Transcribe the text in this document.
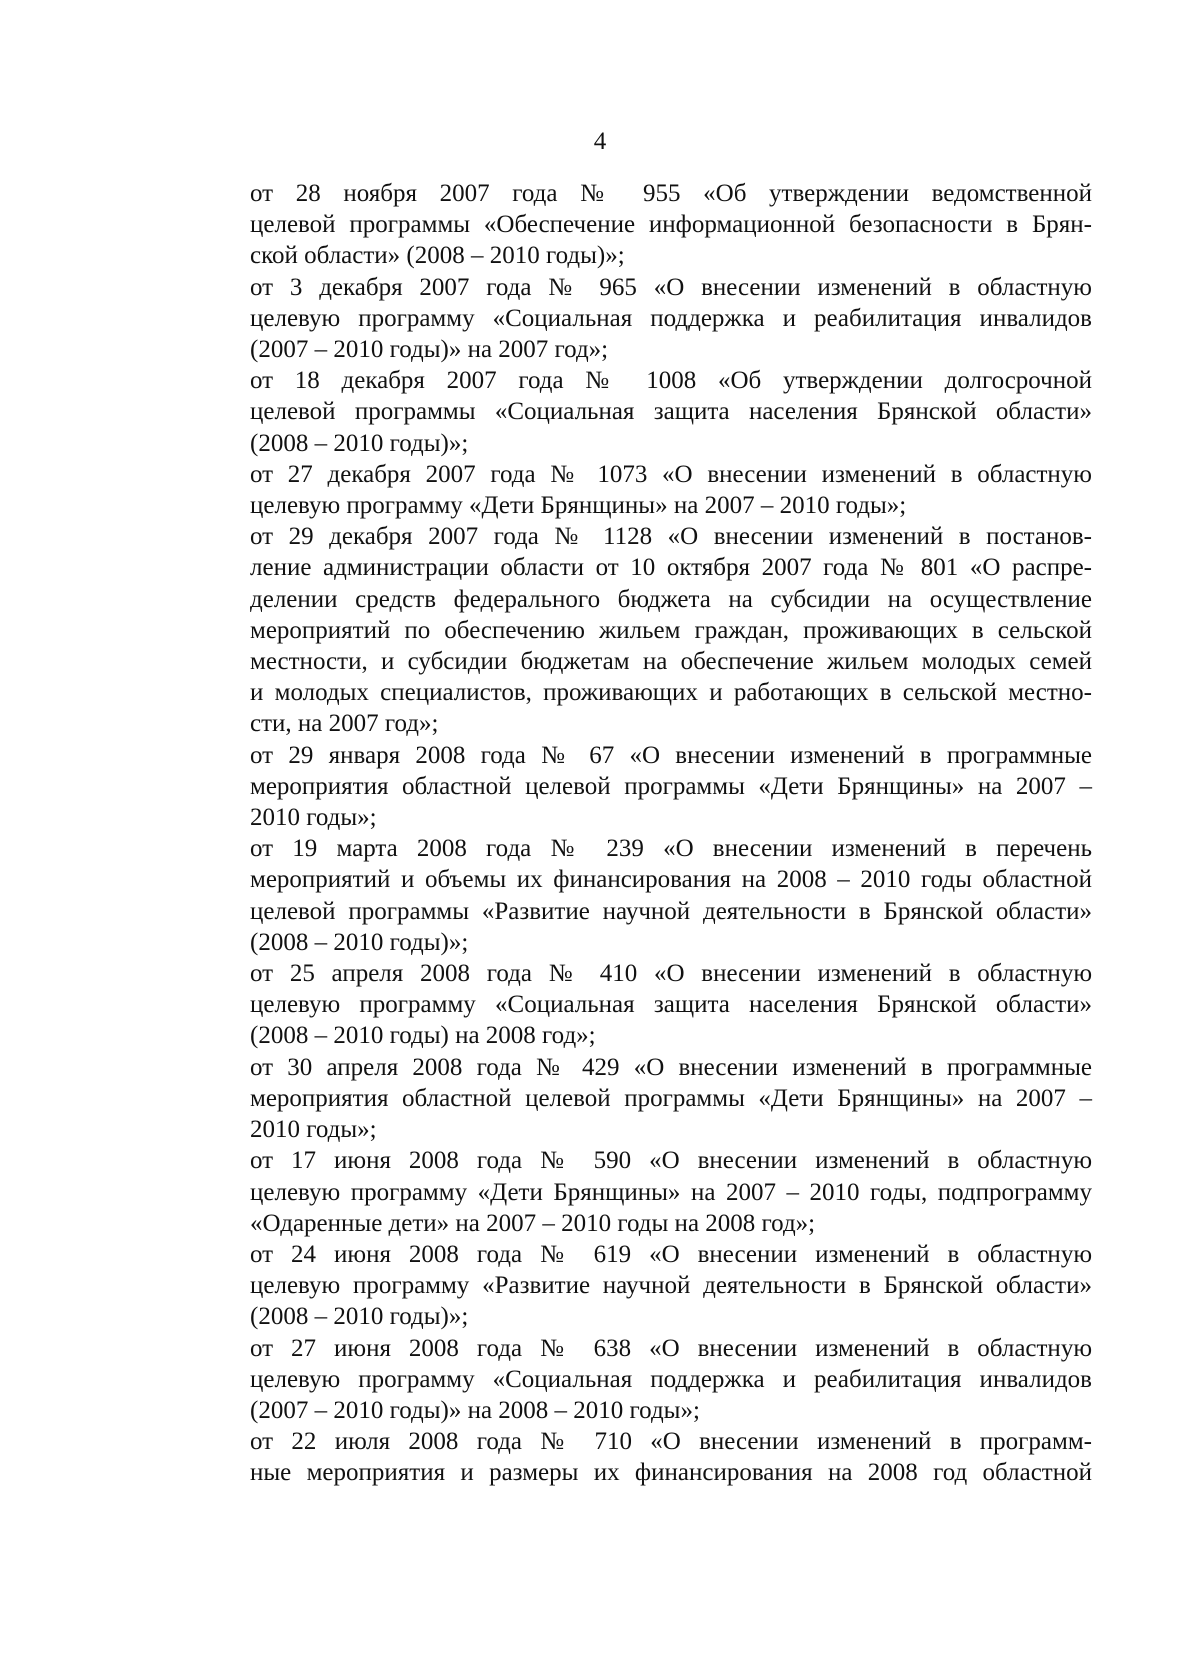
4

от 28 ноября 2007 года № 955 «Об утверждении ведомственной
целевой программы «Обеспечение информационной безопасности в Брян-
ской области» (2008 – 2010 годы)»;

от 3 декабря 2007 года № 965 «О внесении изменений в областную
целевую программу «Социальная поддержка и реабилитация инвалидов
(2007 – 2010 годы)» на 2007 год»;

от 18 декабря 2007 года № 1008 «Об утверждении долгосрочной
целевой программы «Социальная защита населения Брянской области»
(2008 – 2010 годы)»;

от 27 декабря 2007 года № 1073 «О внесении изменений в областную
целевую программу «Дети Брянщины» на 2007 – 2010 годы»;

от 29 декабря 2007 года № 1128 «О внесении изменений в постанов-
ление администрации области от 10 октября 2007 года № 801 «О распре-
делении средств федерального бюджета на субсидии на осуществление
мероприятий по обеспечению жильем граждан, проживающих в сельской
местности, и субсидии бюджетам на обеспечение жильем молодых семей
и молодых специалистов, проживающих и работающих в сельской местно-
сти, на 2007 год»;

от 29 января 2008 года № 67 «О внесении изменений в программные
мероприятия областной целевой программы «Дети Брянщины» на 2007 –
2010 годы»;

от 19 марта 2008 года № 239 «О внесении изменений в перечень
мероприятий и объемы их финансирования на 2008 – 2010 годы областной
целевой программы «Развитие научной деятельности в Брянской области»
(2008 – 2010 годы)»;

от 25 апреля 2008 года № 410 «О внесении изменений в областную
целевую программу «Социальная защита населения Брянской области»
(2008 – 2010 годы) на 2008 год»;

от 30 апреля 2008 года № 429 «О внесении изменений в программные
мероприятия областной целевой программы «Дети Брянщины» на 2007 –
2010 годы»;

от 17 июня 2008 года № 590 «О внесении изменений в областную
целевую программу «Дети Брянщины» на 2007 – 2010 годы, подпрограмму
«Одаренные дети» на 2007 – 2010 годы на 2008 год»;

от 24 июня 2008 года № 619 «О внесении изменений в областную
целевую программу «Развитие научной деятельности в Брянской области»
(2008 – 2010 годы)»;

от 27 июня 2008 года № 638 «О внесении изменений в областную
целевую программу «Социальная поддержка и реабилитация инвалидов
(2007 – 2010 годы)» на 2008 – 2010 годы»;

от 22 июля 2008 года № 710 «О внесении изменений в программ-
ные мероприятия и размеры их финансирования на 2008 год областной
